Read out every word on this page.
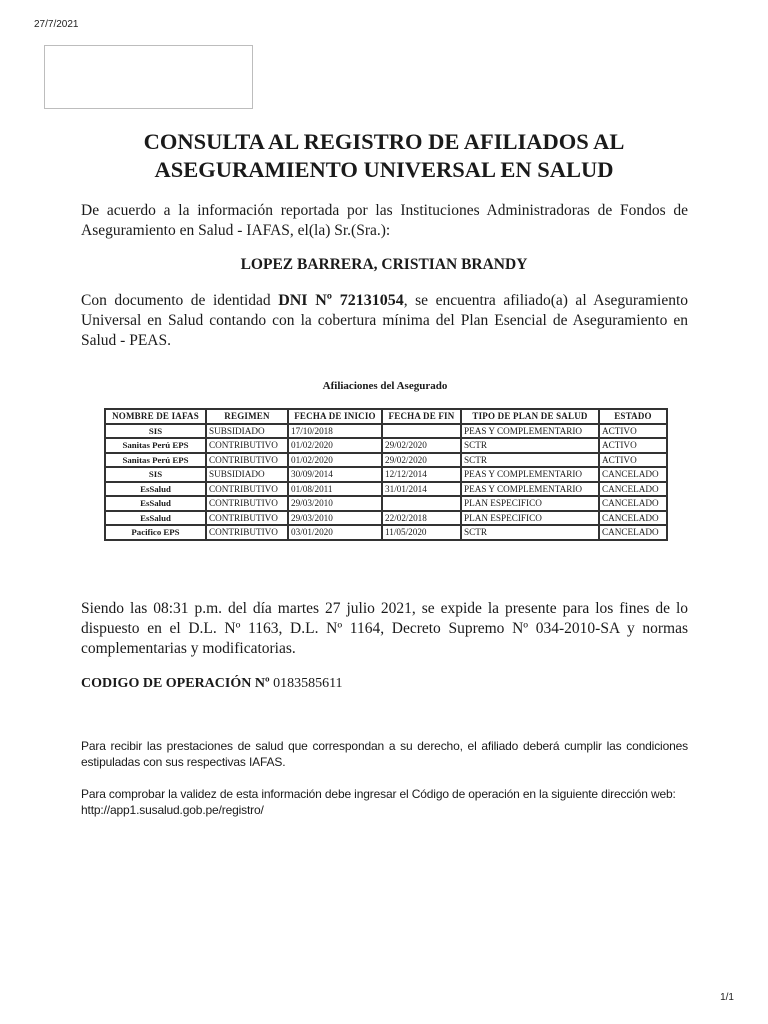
27/7/2021
CONSULTA AL REGISTRO DE AFILIADOS AL
ASEGURAMIENTO UNIVERSAL EN SALUD

De acuerdo a la información reportada por las Instituciones Administradoras de Fondos de Aseguramiento en Salud - IAFAS, el(la) Sr.(Sra.):

LOPEZ BARRERA, CRISTIAN BRANDY

Con documento de identidad DNI Nº 72131054, se encuentra afiliado(a) al Aseguramiento Universal en Salud contando con la cobertura mínima del Plan Esencial de Aseguramiento en Salud - PEAS.

Afiliaciones del Asegurado

NOMBRE DE IAFAS	REGIMEN	FECHA DE INICIO	FECHA DE FIN	TIPO DE PLAN DE SALUD	ESTADO
SIS	SUBSIDIADO	17/10/2018		PEAS Y COMPLEMENTARIO	ACTIVO
Sanitas Perú EPS	CONTRIBUTIVO	01/02/2020	29/02/2020	SCTR	ACTIVO
Sanitas Perú EPS	CONTRIBUTIVO	01/02/2020	29/02/2020	SCTR	ACTIVO
SIS	SUBSIDIADO	30/09/2014	12/12/2014	PEAS Y COMPLEMENTARIO	CANCELADO
EsSalud	CONTRIBUTIVO	01/08/2011	31/01/2014	PEAS Y COMPLEMENTARIO	CANCELADO
EsSalud	CONTRIBUTIVO	29/03/2010		PLAN ESPECIFICO	CANCELADO
EsSalud	CONTRIBUTIVO	29/03/2010	22/02/2018	PLAN ESPECIFICO	CANCELADO
Pacifico EPS	CONTRIBUTIVO	03/01/2020	11/05/2020	SCTR	CANCELADO

Siendo las 08:31 p.m. del día martes 27 julio 2021, se expide la presente para los fines de lo dispuesto en el D.L. Nº 1163, D.L. Nº 1164, Decreto Supremo Nº 034-2010-SA y normas complementarias y modificatorias.

CODIGO DE OPERACIÓN Nº 0183585611

Para recibir las prestaciones de salud que correspondan a su derecho, el afiliado deberá cumplir las condiciones estipuladas con sus respectivas IAFAS.

Para comprobar la validez de esta información debe ingresar el Código de operación en la siguiente dirección web: http://app1.susalud.gob.pe/registro/

1/1
